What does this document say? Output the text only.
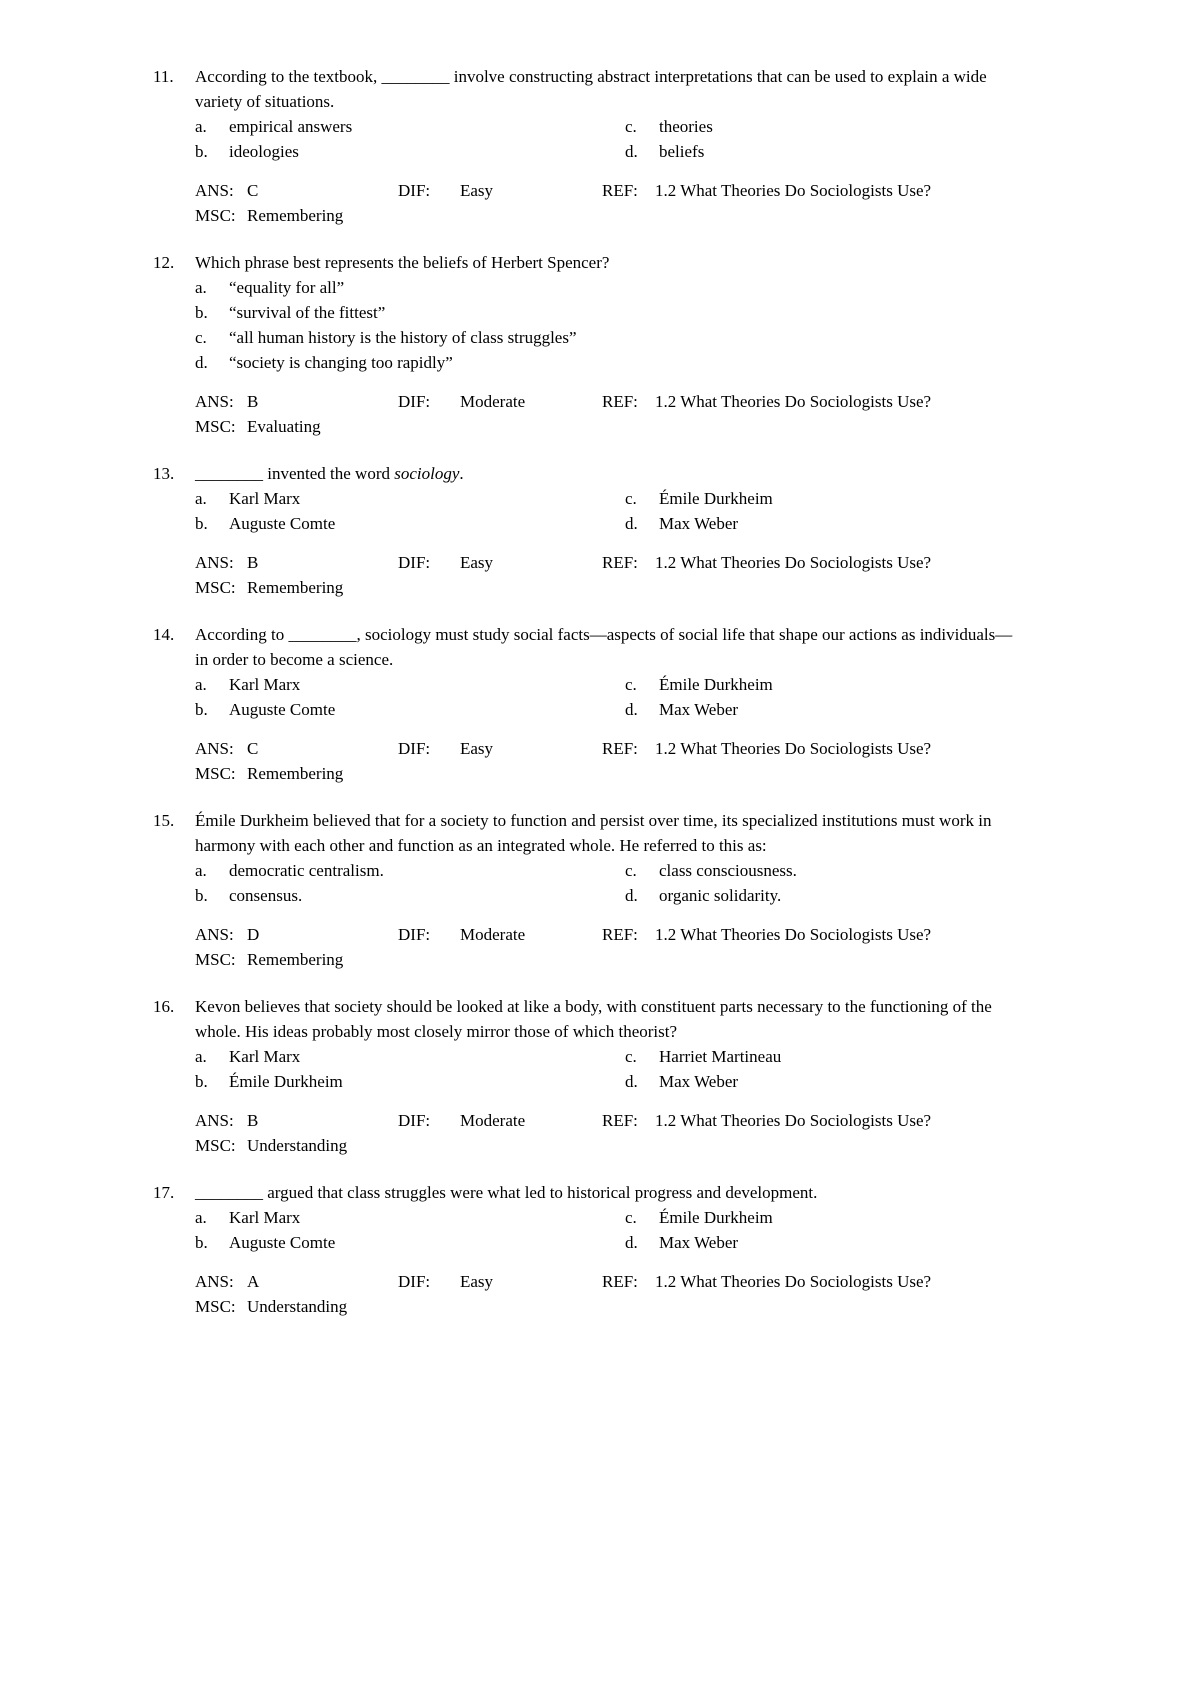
11.	According to the textbook, ________ involve constructing abstract interpretations that can be used to explain a wide variety of situations.
a.	empirical answers
b.	ideologies
c.	theories
d.	beliefs
ANS: C	DIF:	Easy	REF:	1.2 What Theories Do Sociologists Use?
MSC: Remembering
12.	Which phrase best represents the beliefs of Herbert Spencer?
a.	“equality for all”
b.	“survival of the fittest”
c.	“all human history is the history of class struggles”
d.	“society is changing too rapidly”
ANS: B	DIF:	Moderate	REF:	1.2 What Theories Do Sociologists Use?
MSC: Evaluating
13.	________ invented the word sociology.
a.	Karl Marx
b.	Auguste Comte
c.	Émile Durkheim
d.	Max Weber
ANS: B	DIF:	Easy	REF:	1.2 What Theories Do Sociologists Use?
MSC: Remembering
14.	According to ________, sociology must study social facts—aspects of social life that shape our actions as individuals—in order to become a science.
a.	Karl Marx
b.	Auguste Comte
c.	Émile Durkheim
d.	Max Weber
ANS: C	DIF:	Easy	REF:	1.2 What Theories Do Sociologists Use?
MSC: Remembering
15.	Émile Durkheim believed that for a society to function and persist over time, its specialized institutions must work in harmony with each other and function as an integrated whole. He referred to this as:
a.	democratic centralism.
b.	consensus.
c.	class consciousness.
d.	organic solidarity.
ANS: D	DIF:	Moderate	REF:	1.2 What Theories Do Sociologists Use?
MSC: Remembering
16.	Kevon believes that society should be looked at like a body, with constituent parts necessary to the functioning of the whole. His ideas probably most closely mirror those of which theorist?
a.	Karl Marx
b.	Émile Durkheim
c.	Harriet Martineau
d.	Max Weber
ANS: B	DIF:	Moderate	REF:	1.2 What Theories Do Sociologists Use?
MSC: Understanding
17.	________ argued that class struggles were what led to historical progress and development.
a.	Karl Marx
b.	Auguste Comte
c.	Émile Durkheim
d.	Max Weber
ANS: A	DIF:	Easy	REF:	1.2 What Theories Do Sociologists Use?
MSC: Understanding
